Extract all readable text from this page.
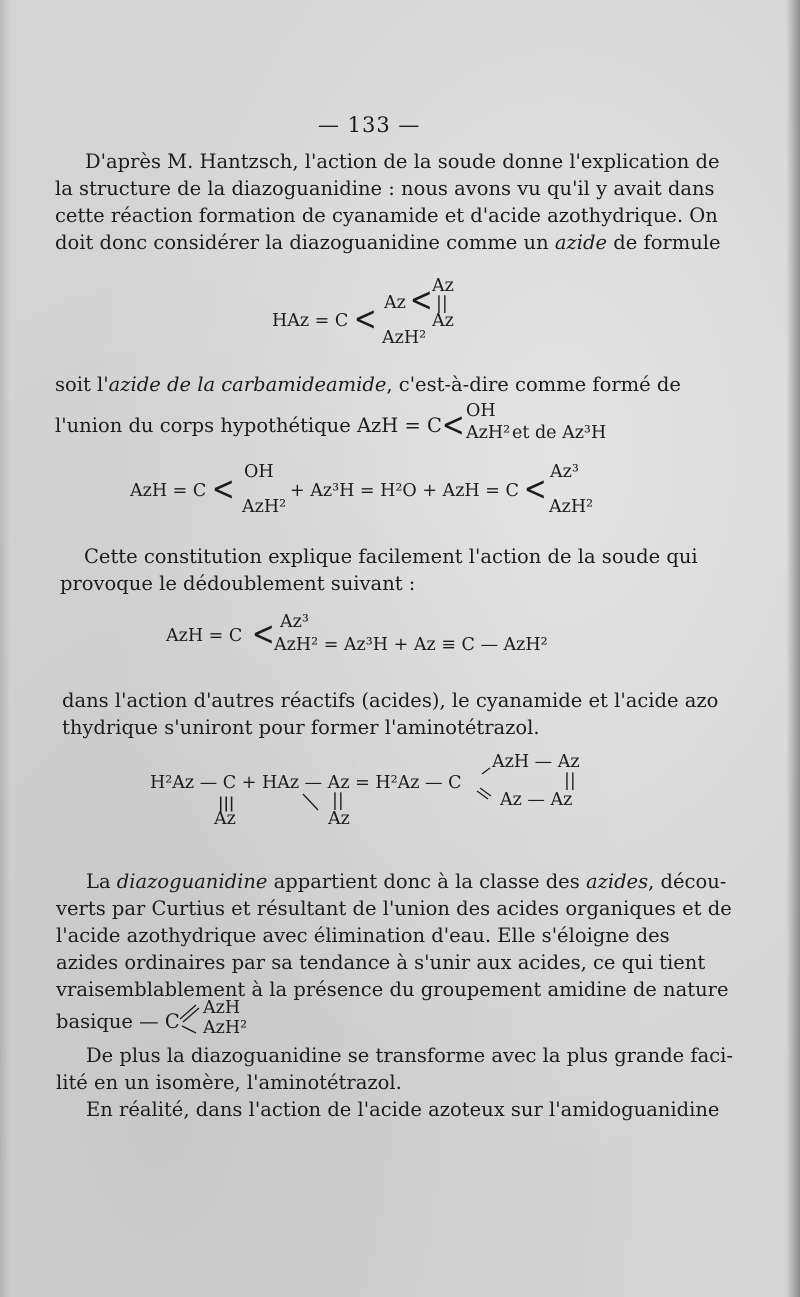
— 133 —
D'après M. Hantzsch, l'action de la soude donne l'explication de
la structure de la diazoguanidine : nous avons vu qu'il y avait dans
cette réaction formation de cyanamide et d'acide azothydrique. On
doit donc considérer la diazoguanidine comme un azide de formule
HAz = C < Az < Az
||
Az
AzH²
soit l'azide de la carbamideamide, c'est-à-dire comme formé de
l'union du corps hypothétique AzH = C < OH
AzH² et de Az³H
AzH = C < OH
AzH²
+ Az³H = H²O + AzH = C < Az³
AzH²
Cette constitution explique facilement l'action de la soude qui
provoque le dédoublement suivant :
AzH = C < Az³
AzH² = Az³H + Az ≡ C — AzH²
dans l'action d'autres réactifs (acides), le cyanamide et l'acide azo
thydrique s'uniront pour former l'aminotétrazol.
H²Az — C + HAz — Az = H²Az — C
|||
Az
||
Az
AzH — Az
||
Az — Az
La diazoguanidine appartient donc à la classe des azides, décou-
verts par Curtius et résultant de l'union des acides organiques et de
l'acide azothydrique avec élimination d'eau. Elle s'éloigne des
azides ordinaires par sa tendance à s'unir aux acides, ce qui tient
vraisemblablement à la présence du groupement amidine de nature
basique — C
AzH
AzH²
De plus la diazoguanidine se transforme avec la plus grande faci-
lité en un isomère, l'aminotétrazol.
En réalité, dans l'action de l'acide azoteux sur l'amidoguanidine
